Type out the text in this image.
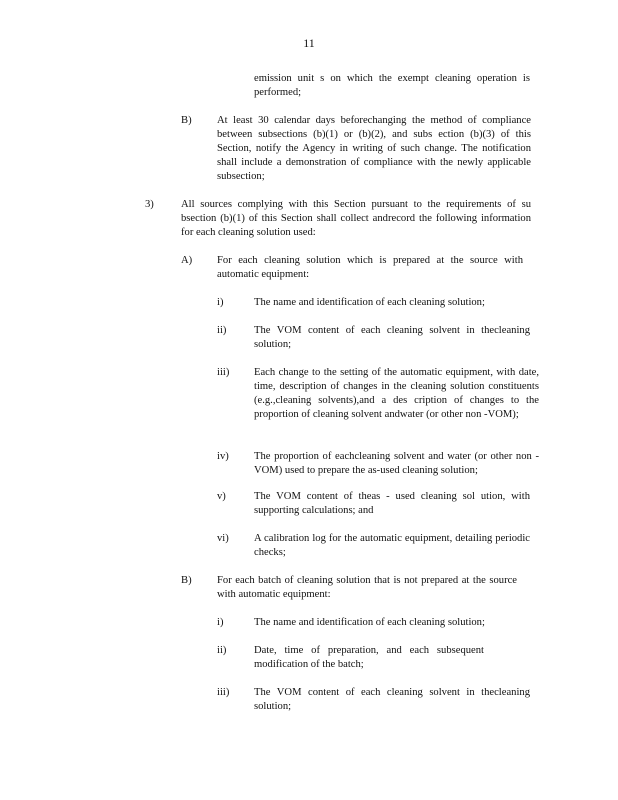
11
emission unit s on which the exempt cleaning operation is performed;
B) At least 30 calendar days beforechanging the method of compliance between subsections (b)(1) or (b)(2), and subs ection (b)(3) of this Section, notify the Agency in writing of such change. The notification shall include a demonstration of compliance with the newly applicable subsection;
3)	All sources complying with this Section pursuant to the requirements of su bsection (b)(1) of this Section shall collect andrecord the following information for each cleaning solution used:
A) For each cleaning solution which is prepared at the source with automatic equipment:
i)	The name and identification of each cleaning solution;
ii)	The VOM content of each cleaning solvent in thecleaning solution;
iii) Each change to the setting of the automatic equipment, with date, time, description of changes in the cleaning solution constituents (e.g.,cleaning solvents),and a des cription of changes to the proportion of cleaning solvent andwater (or other non -VOM);
iv) The proportion of eachcleaning solvent and water (or other non -VOM) used to prepare the as-used cleaning solution;
v)	The VOM content of theas - used cleaning sol ution, with supporting calculations; and
vi) A calibration log for the automatic equipment, detailing periodic checks;
B) For each batch of cleaning solution that is not prepared at the source with automatic equipment:
i)	The name and identification of each cleaning solution;
ii)	Date, time of preparation, and each subsequent modification of the batch;
iii) The VOM content of each cleaning solvent in thecleaning solution;
